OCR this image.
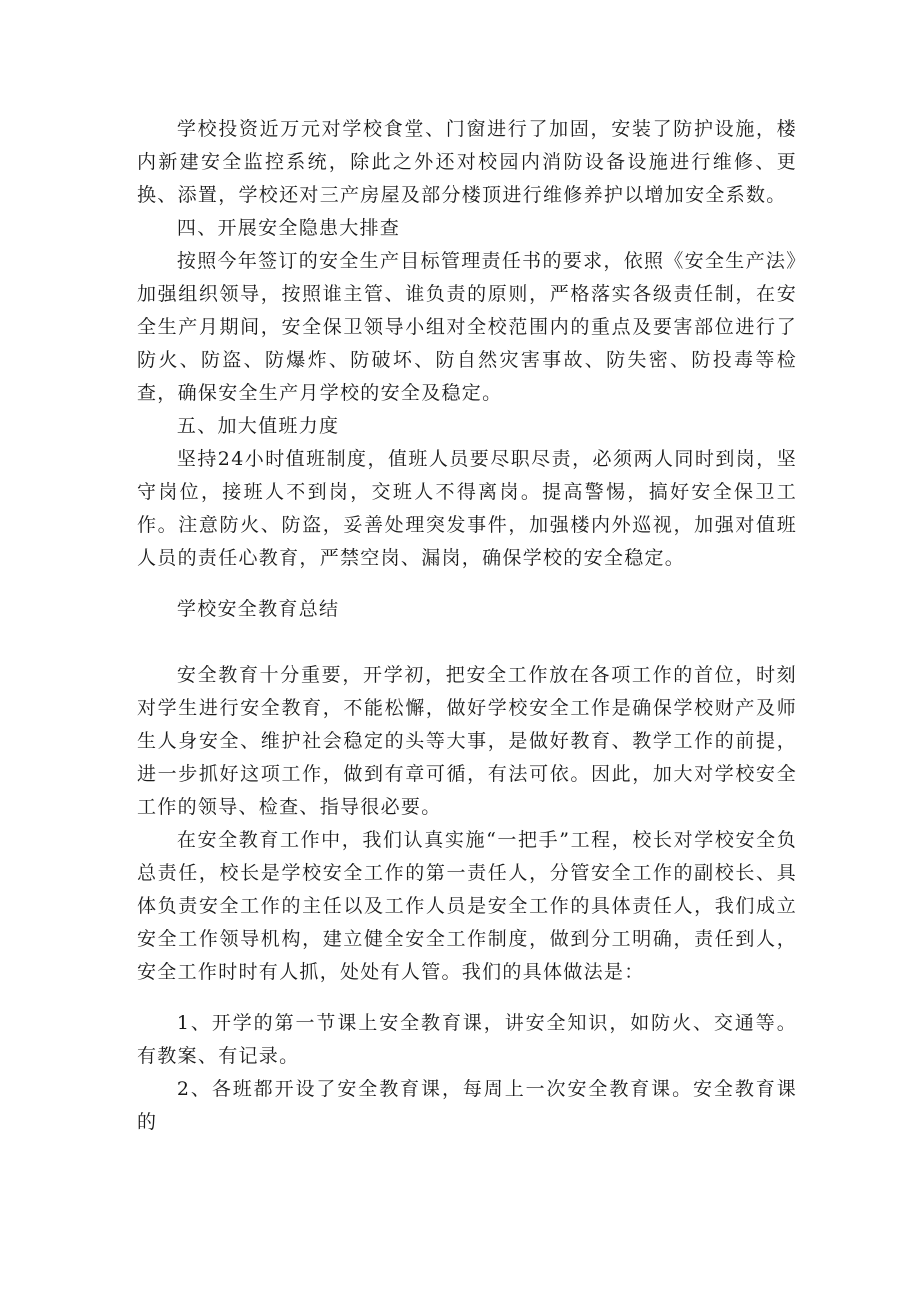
学校投资近万元对学校食堂、门窗进行了加固，安装了防护设施，楼内新建安全监控系统，除此之外还对校园内消防设备设施进行维修、更换、添置，学校还对三产房屋及部分楼顶进行维修养护以增加安全系数。

四、开展安全隐患大排查

按照今年签订的安全生产目标管理责任书的要求，依照《安全生产法》加强组织领导，按照谁主管、谁负责的原则，严格落实各级责任制，在安全生产月期间，安全保卫领导小组对全校范围内的重点及要害部位进行了防火、防盗、防爆炸、防破坏、防自然灾害事故、防失密、防投毒等检查，确保安全生产月学校的安全及稳定。

五、加大值班力度

坚持24小时值班制度，值班人员要尽职尽责，必须两人同时到岗，坚守岗位，接班人不到岗，交班人不得离岗。提高警惕，搞好安全保卫工作。注意防火、防盗，妥善处理突发事件，加强楼内外巡视，加强对值班人员的责任心教育，严禁空岗、漏岗，确保学校的安全稳定。

学校安全教育总结

安全教育十分重要，开学初，把安全工作放在各项工作的首位，时刻对学生进行安全教育，不能松懈，做好学校安全工作是确保学校财产及师生人身安全、维护社会稳定的头等大事，是做好教育、教学工作的前提，进一步抓好这项工作，做到有章可循，有法可依。因此，加大对学校安全工作的领导、检查、指导很必要。

在安全教育工作中，我们认真实施“一把手”工程，校长对学校安全负总责任，校长是学校安全工作的第一责任人，分管安全工作的副校长、具体负责安全工作的主任以及工作人员是安全工作的具体责任人，我们成立安全工作领导机构，建立健全安全工作制度，做到分工明确，责任到人，安全工作时时有人抓，处处有人管。我们的具体做法是：

1、开学的第一节课上安全教育课，讲安全知识，如防火、交通等。有教案、有记录。

2、各班都开设了安全教育课，每周上一次安全教育课。安全教育课的
